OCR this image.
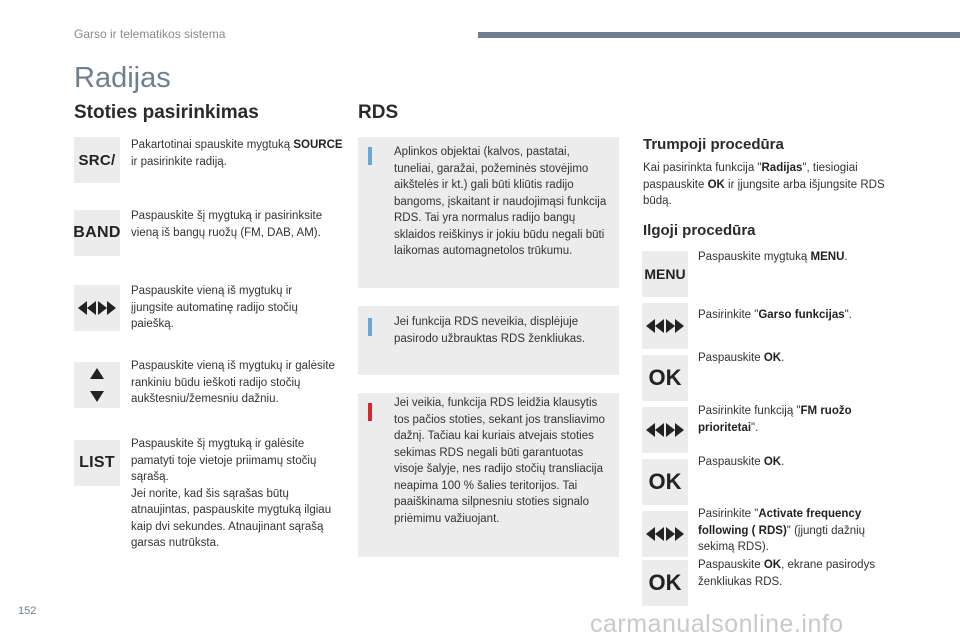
Garso ir telematikos sistema
Radijas
Stoties pasirinkimas
SRC/
Pakartotinai spauskite mygtuką SOURCE ir pasirinkite radiją.
BAND
Paspauskite šį mygtuką ir pasirinksite vieną iš bangų ruožų (FM, DAB, AM).
Paspauskite vieną iš mygtukų ir įjungsite automatinę radijo stočių paiešką.
Paspauskite vieną iš mygtukų ir galėsite rankiniu būdu ieškoti radijo stočių aukštesniu/žemesniu dažniu.
LIST
Paspauskite šį mygtuką ir galėsite pamatyti toje vietoje priimamų stočių sąrašą.
Jei norite, kad šis sąrašas būtų atnaujintas, paspauskite mygtuką ilgiau kaip dvi sekundes. Atnaujinant sąrašą garsas nutrūksta.
RDS
Aplinkos objektai (kalvos, pastatai, tuneliai, garažai, požeminės stovėjimo aikštelės ir kt.) gali būti kliūtis radijo bangoms, įskaitant ir naudojimąsi funkcija RDS. Tai yra normalus radijo bangų sklaidos reiškinys ir jokiu būdu negali būti laikomas automagnetolos trūkumu.
Jei funkcija RDS neveikia, displėjuje pasirodo užbrauktas RDS ženkliukas.
Jei veikia, funkcija RDS leidžia klausytis tos pačios stoties, sekant jos transliavimo dažnį. Tačiau kai kuriais atvejais stoties sekimas RDS negali būti garantuotas visoje šalyje, nes radijo stočių transliacija neapima 100 % šalies teritorijos. Tai paaiškinama silpnesniu stoties signalo priėmimu važiuojant.
Trumpoji procedūra
Kai pasirinkta funkcija "Radijas", tiesiogiai paspauskite OK ir įjungsite arba išjungsite RDS būdą.
Ilgoji procedūra
MENU
Paspauskite mygtuką MENU.
Pasirinkite "Garso funkcijas".
OK
Paspauskite OK.
Pasirinkite funkciją "FM ruožo prioritetai".
OK
Paspauskite OK.
Pasirinkite "Activate frequency following ( RDS)" (įjungti dažnių sekimą RDS).
OK
Paspauskite OK, ekrane pasirodys ženkliukas RDS.
152	carmanualsonline.info
